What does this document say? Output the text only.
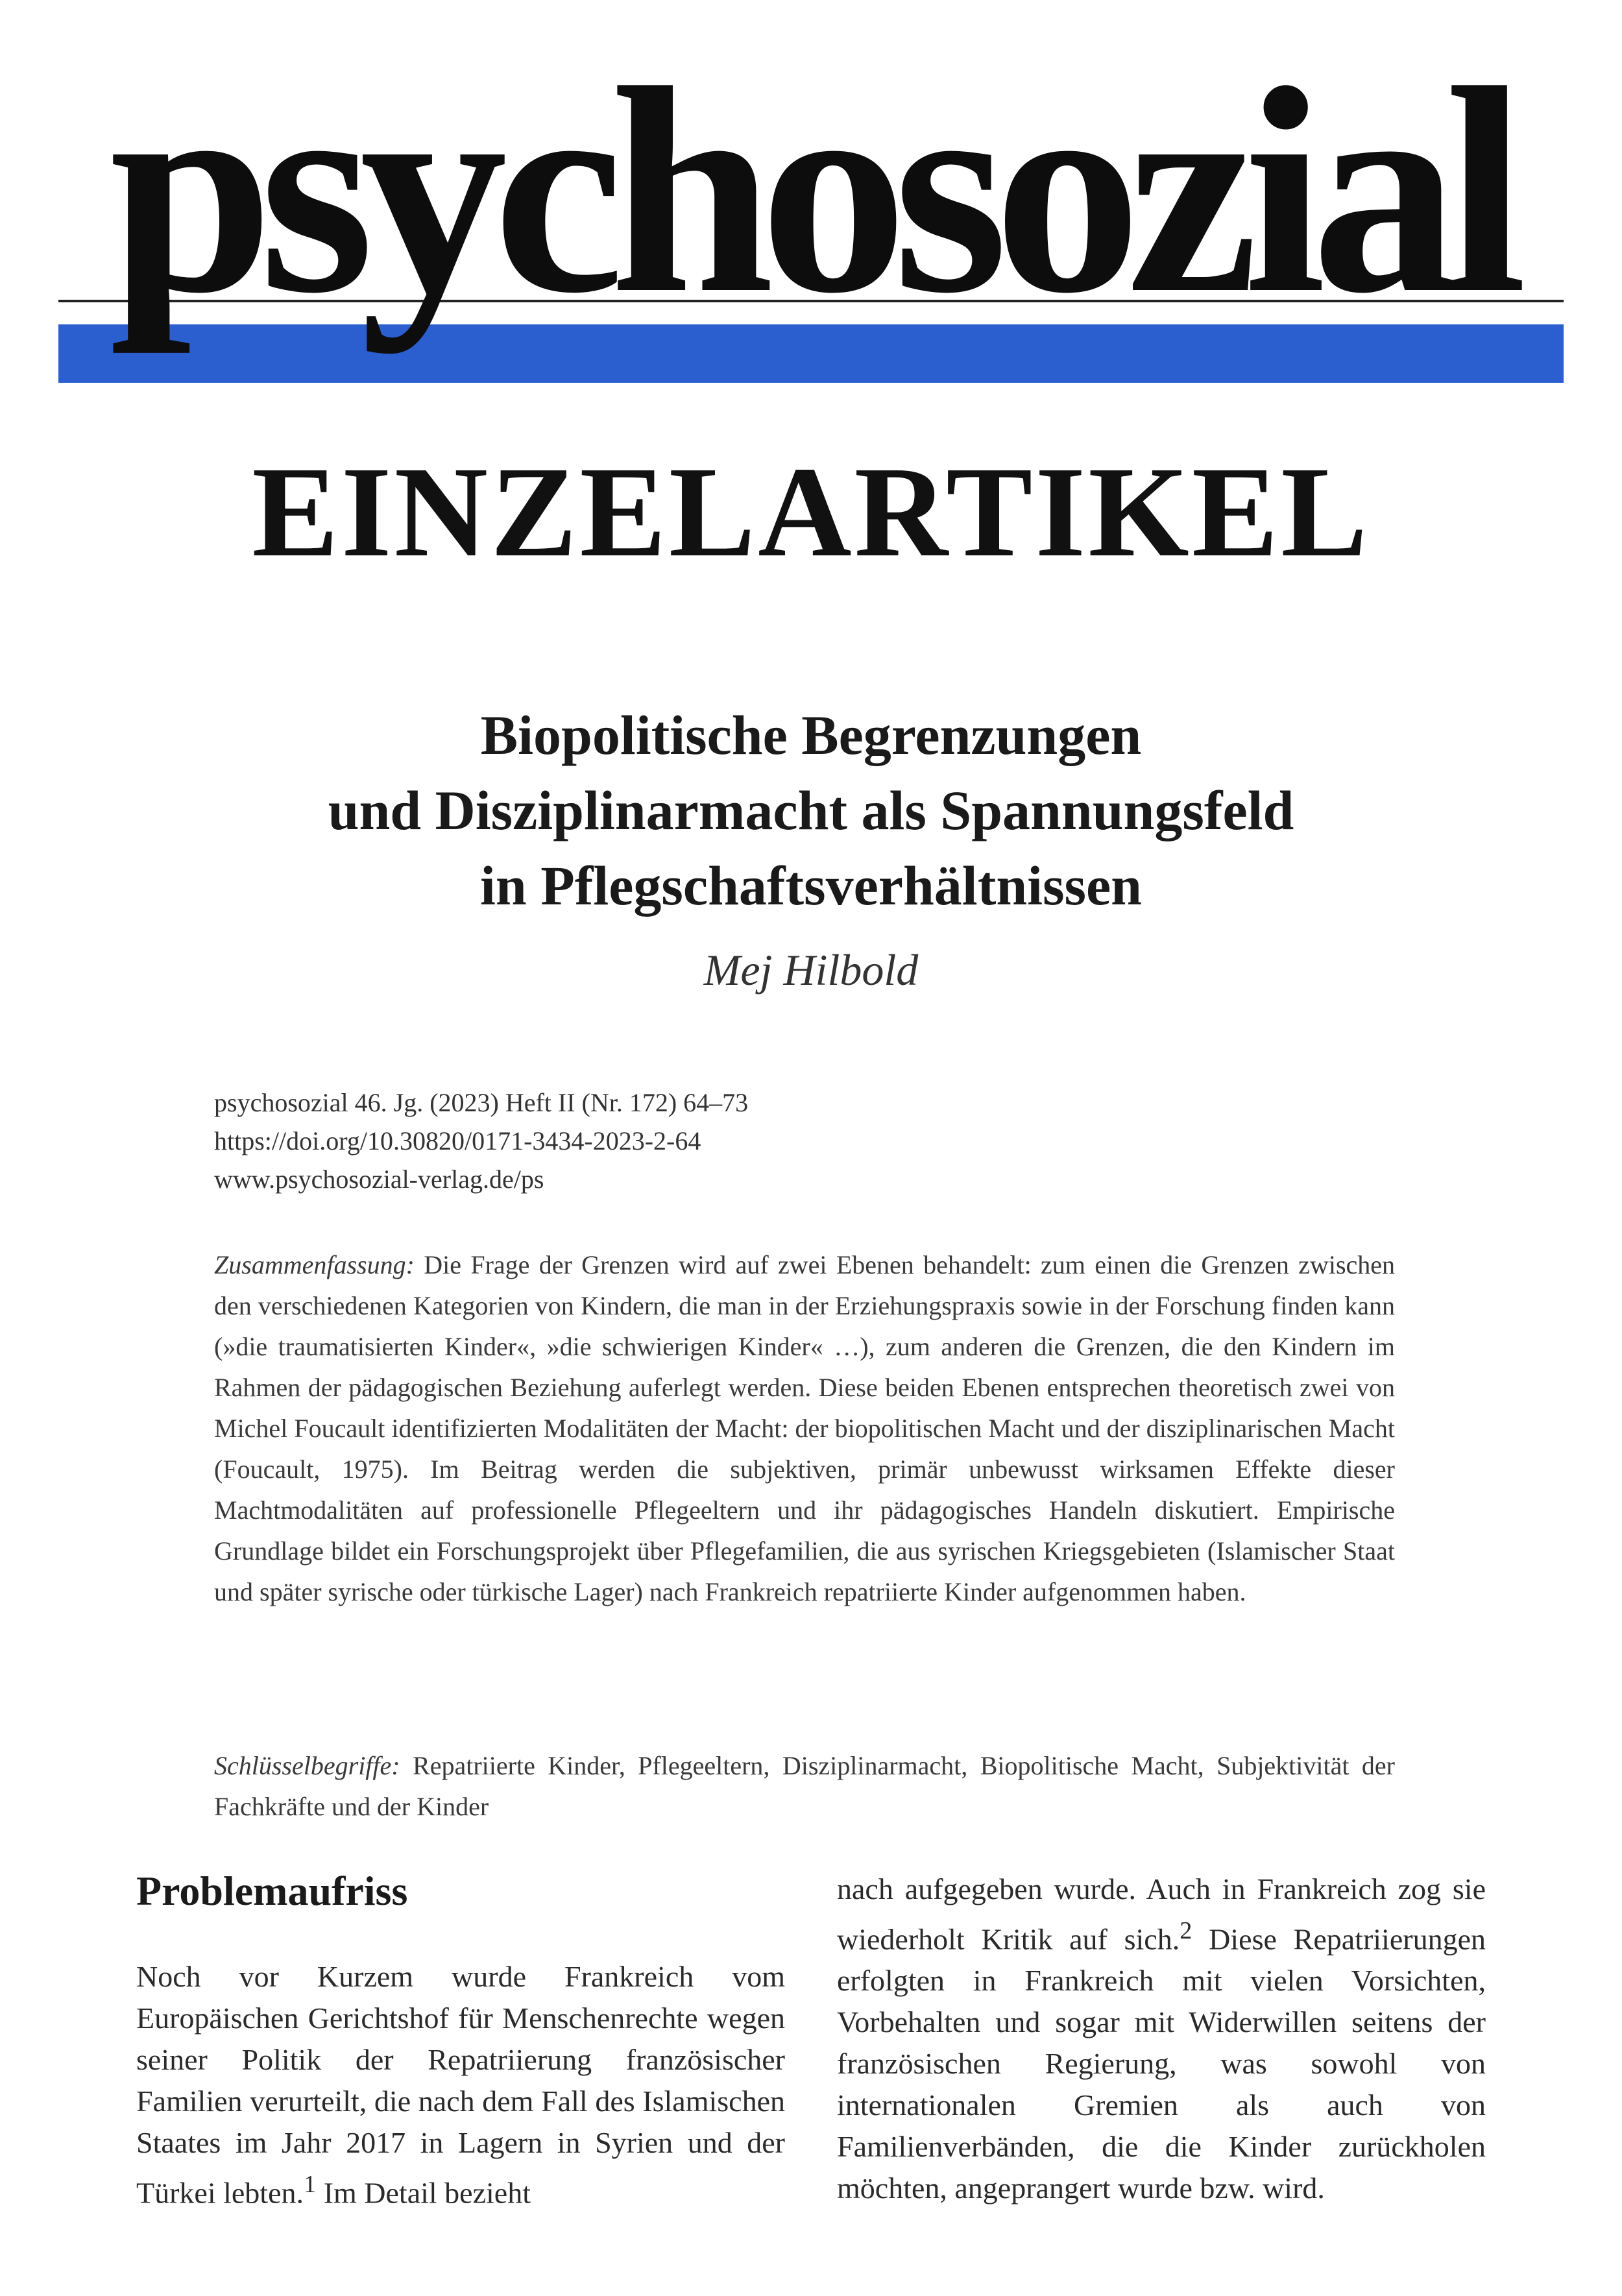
psychosozial
EINZELARTIKEL
Biopolitische Begrenzungen
und Disziplinarmacht als Spannungsfeld
in Pflegschaftsverhältnissen
Mej Hilbold
psychosozial 46. Jg. (2023) Heft II (Nr. 172) 64–73
https://doi.org/10.30820/0171-3434-2023-2-64
www.psychosozial-verlag.de/ps
Zusammenfassung: Die Frage der Grenzen wird auf zwei Ebenen behandelt: zum einen die Grenzen zwischen den verschiedenen Kategorien von Kindern, die man in der Erziehungspraxis sowie in der Forschung finden kann (»die traumatisierten Kinder«, »die schwierigen Kinder« …), zum anderen die Grenzen, die den Kindern im Rahmen der pädagogischen Beziehung auferlegt werden. Diese beiden Ebenen entsprechen theoretisch zwei von Michel Foucault identifizierten Modalitäten der Macht: der biopolitischen Macht und der disziplinarischen Macht (Foucault, 1975). Im Beitrag werden die subjektiven, primär unbewusst wirksamen Effekte dieser Machtmodalitäten auf professionelle Pflegeeltern und ihr pädagogisches Handeln diskutiert. Empirische Grundlage bildet ein Forschungsprojekt über Pflegefamilien, die aus syrischen Kriegsgebieten (Islamischer Staat und später syrische oder türkische Lager) nach Frankreich repatriierte Kinder aufgenommen haben.
Schlüsselbegriffe: Repatriierte Kinder, Pflegeeltern, Disziplinarmacht, Biopolitische Macht, Subjektivität der Fachkräfte und der Kinder
Problemaufriss
Noch vor Kurzem wurde Frankreich vom Europäischen Gerichtshof für Menschenrechte wegen seiner Politik der Repatriierung französischer Familien verurteilt, die nach dem Fall des Islamischen Staates im Jahr 2017 in Lagern in Syrien und der Türkei lebten.$^1$ Im Detail bezieht
nach aufgegeben wurde. Auch in Frankreich zog sie wiederholt Kritik auf sich.$^2$ Diese Repatriierungen erfolgten in Frankreich mit vielen Vorsichten, Vorbehalten und sogar mit Widerwillen seitens der französischen Regierung, was sowohl von internationalen Gremien als auch von Familienverbänden, die die Kinder zurückholen möchten, angeprangert wurde bzw. wird.
